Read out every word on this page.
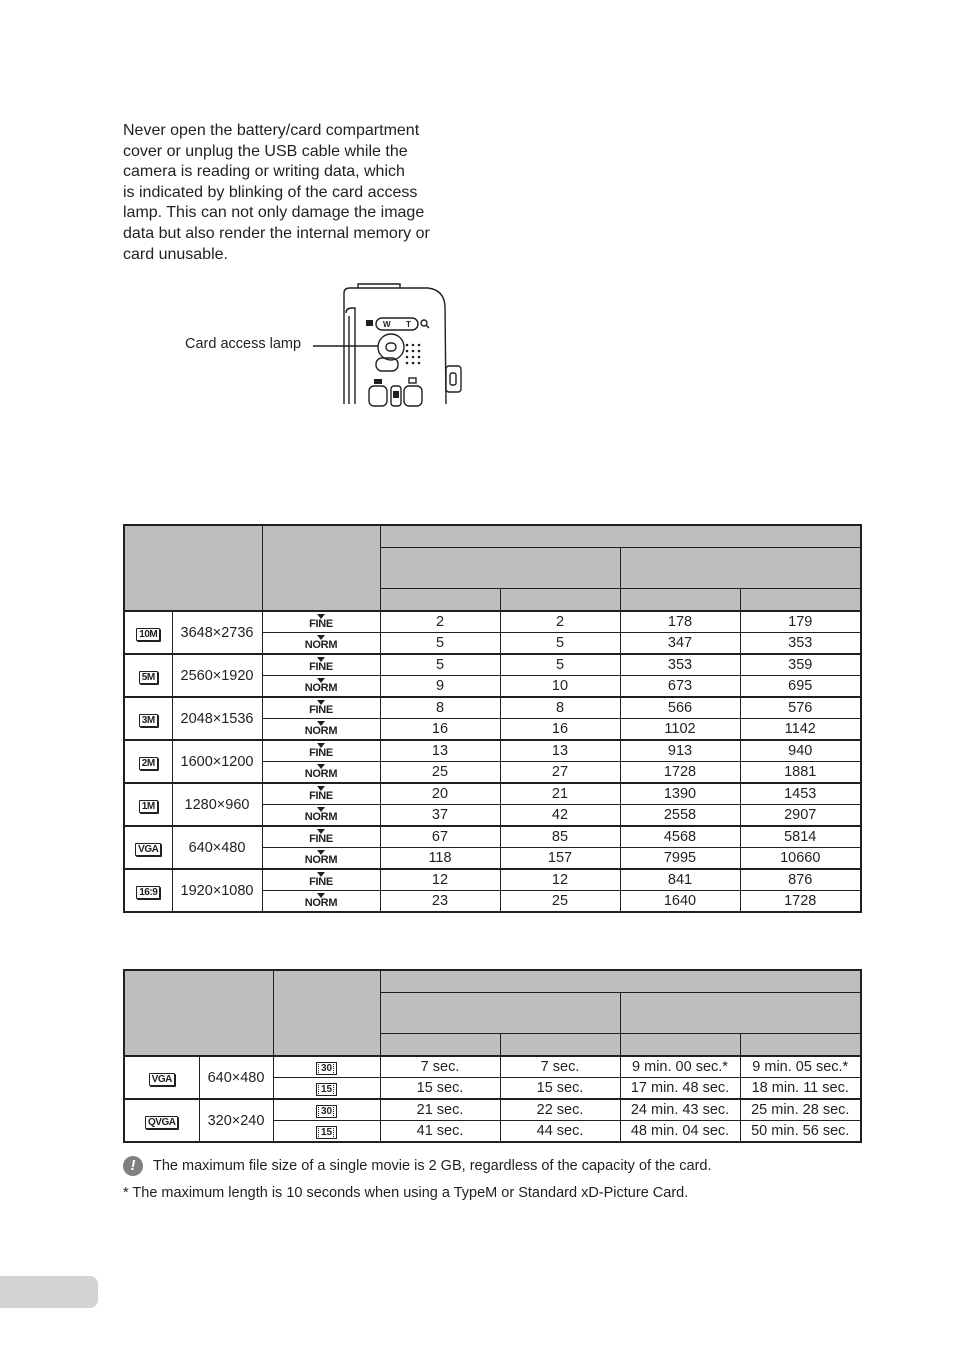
Never open the battery/card compartment
cover or unplug the USB cable while the
camera is reading or writing data, which
is indicated by blinking of the card access
lamp. This can not only damage the image
data but also render the internal memory or
card unusable.

W T
Card access lamp

10M	3648×2736	FINE	2	2	178	179
		NORM	5	5	347	353
5M	2560×1920	FINE	5	5	353	359
		NORM	9	10	673	695
3M	2048×1536	FINE	8	8	566	576
		NORM	16	16	1102	1142
2M	1600×1200	FINE	13	13	913	940
		NORM	25	27	1728	1881
1M	1280×960	FINE	20	21	1390	1453
		NORM	37	42	2558	2907
VGA	640×480	FINE	67	85	4568	5814
		NORM	118	157	7995	10660
16:9	1920×1080	FINE	12	12	841	876
		NORM	23	25	1640	1728

VGA	640×480	30	7 sec.	7 sec.	9 min. 00 sec.*	9 min. 05 sec.*
		15	15 sec.	15 sec.	17 min. 48 sec.	18 min. 11 sec.
QVGA	320×240	30	21 sec.	22 sec.	24 min. 43 sec.	25 min. 28 sec.
		15	41 sec.	44 sec.	48 min. 04 sec.	50 min. 56 sec.
!	The maximum file size of a single movie is 2 GB, regardless of the capacity of the card.
* The maximum length is 10 seconds when using a TypeM or Standard xD-Picture Card.
